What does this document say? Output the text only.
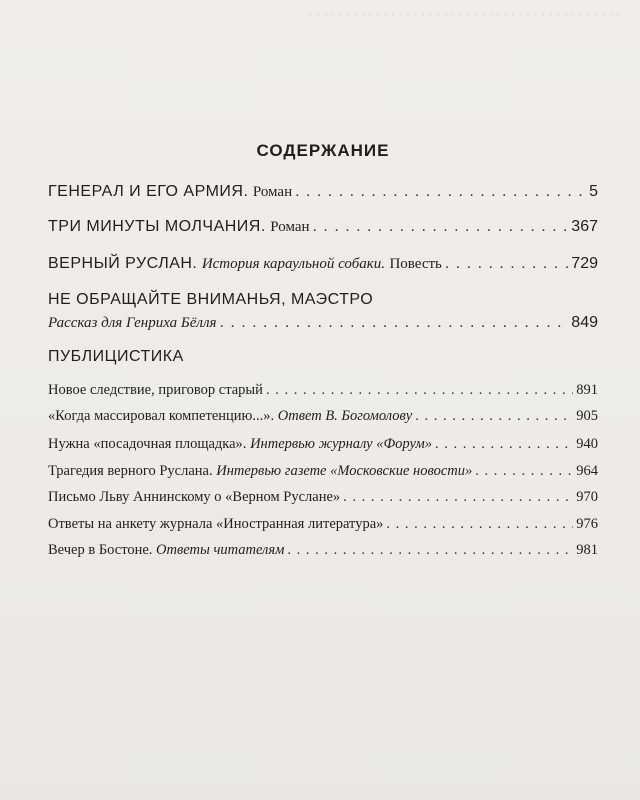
. . . . . . . . . . . . . . . . . . . . . . . . . . . . . . . . . . . . . . . . . .

СОДЕРЖАНИЕ
ГЕНЕРАЛ И ЕГО АРМИЯ. Роман . . .	5
ТРИ МИНУТЫ МОЛЧАНИЯ. Роман . . .	367
ВЕРНЫЙ РУСЛАН. История караульной собаки. Повесть . . .	729
НЕ ОБРАЩАЙТЕ ВНИМАНЬЯ, МАЭСТРО
Рассказ для Генриха Бёлля . . .	849
ПУБЛИЦИСТИКА
Новое следствие, приговор старый . . .	891
«Когда массировал компетенцию...». Ответ В. Богомолову . . .	905
Нужна «посадочная площадка». Интервью журналу «Форум» . . .	940
Трагедия верного Руслана. Интервью газете «Московские новости» . . .	964
Письмо Льву Аннинскому о «Верном Руслане» . . .	970
Ответы на анкету журнала «Иностранная литература» . . .	976
Вечер в Бостоне. Ответы читателям . . .	981
